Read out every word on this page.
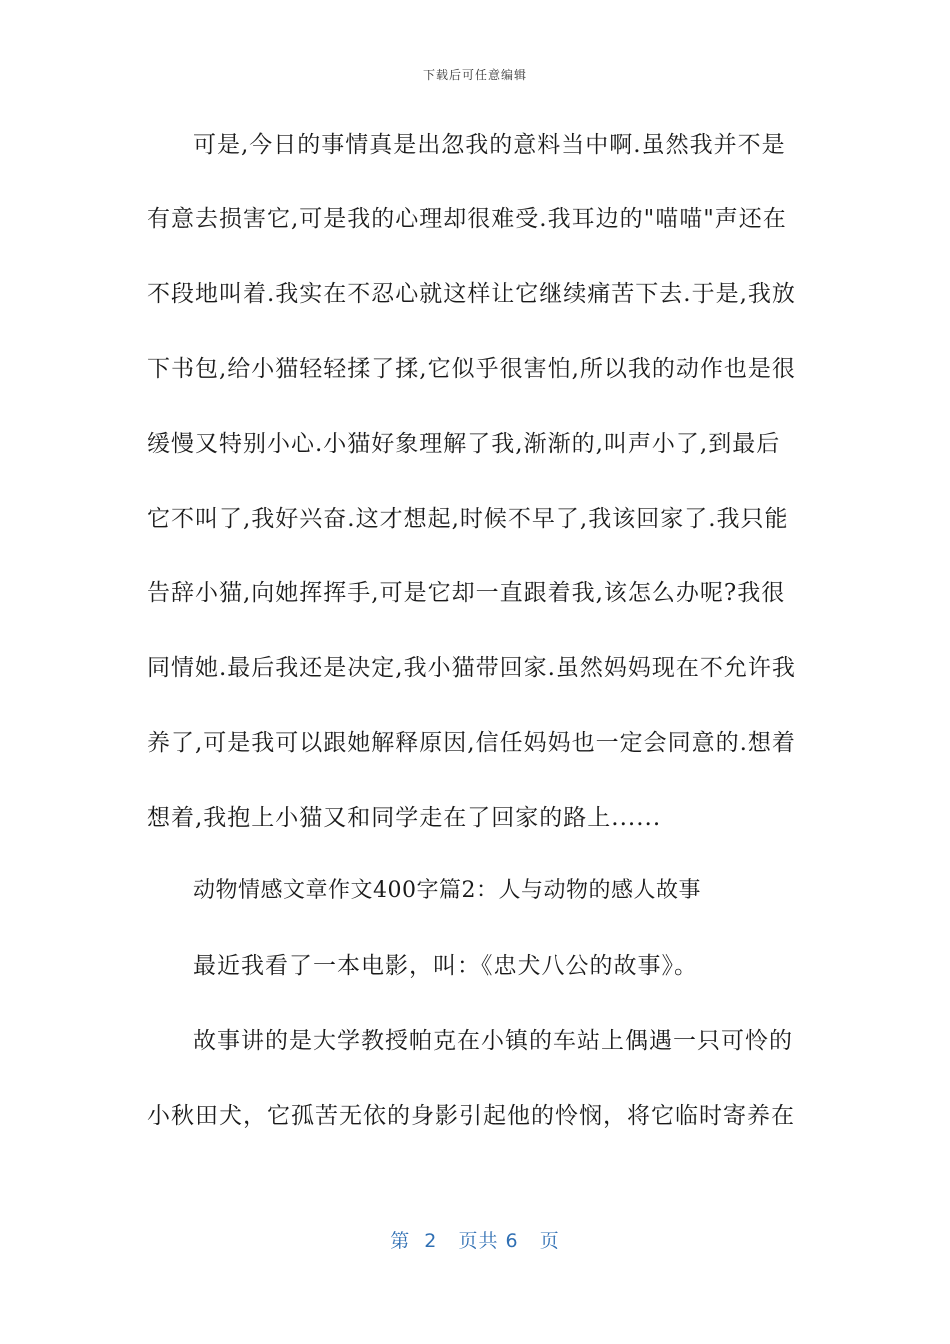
下载后可任意编辑
可是,今日的事情真是出忽我的意料当中啊.虽然我并不是
有意去损害它,可是我的心理却很难受.我耳边的"喵喵"声还在
不段地叫着.我实在不忍心就这样让它继续痛苦下去.于是,我放
下书包,给小猫轻轻揉了揉,它似乎很害怕,所以我的动作也是很
缓慢又特别小心.小猫好象理解了我,渐渐的,叫声小了,到最后
它不叫了,我好兴奋.这才想起,时候不早了,我该回家了.我只能
告辞小猫,向她挥挥手,可是它却一直跟着我,该怎么办呢?我很
同情她.最后我还是决定,我小猫带回家.虽然妈妈现在不允许我
养了,可是我可以跟她解释原因,信任妈妈也一定会同意的.想着
想着,我抱上小猫又和同学走在了回家的路上......
动物情感文章作文400字篇2：人与动物的感人故事
最近我看了一本电影，叫：《忠犬八公的故事》。
故事讲的是大学教授帕克在小镇的车站上偶遇一只可怜的
小秋田犬，它孤苦无依的身影引起他的怜悯，将它临时寄养在
第  2   页共 6   页
